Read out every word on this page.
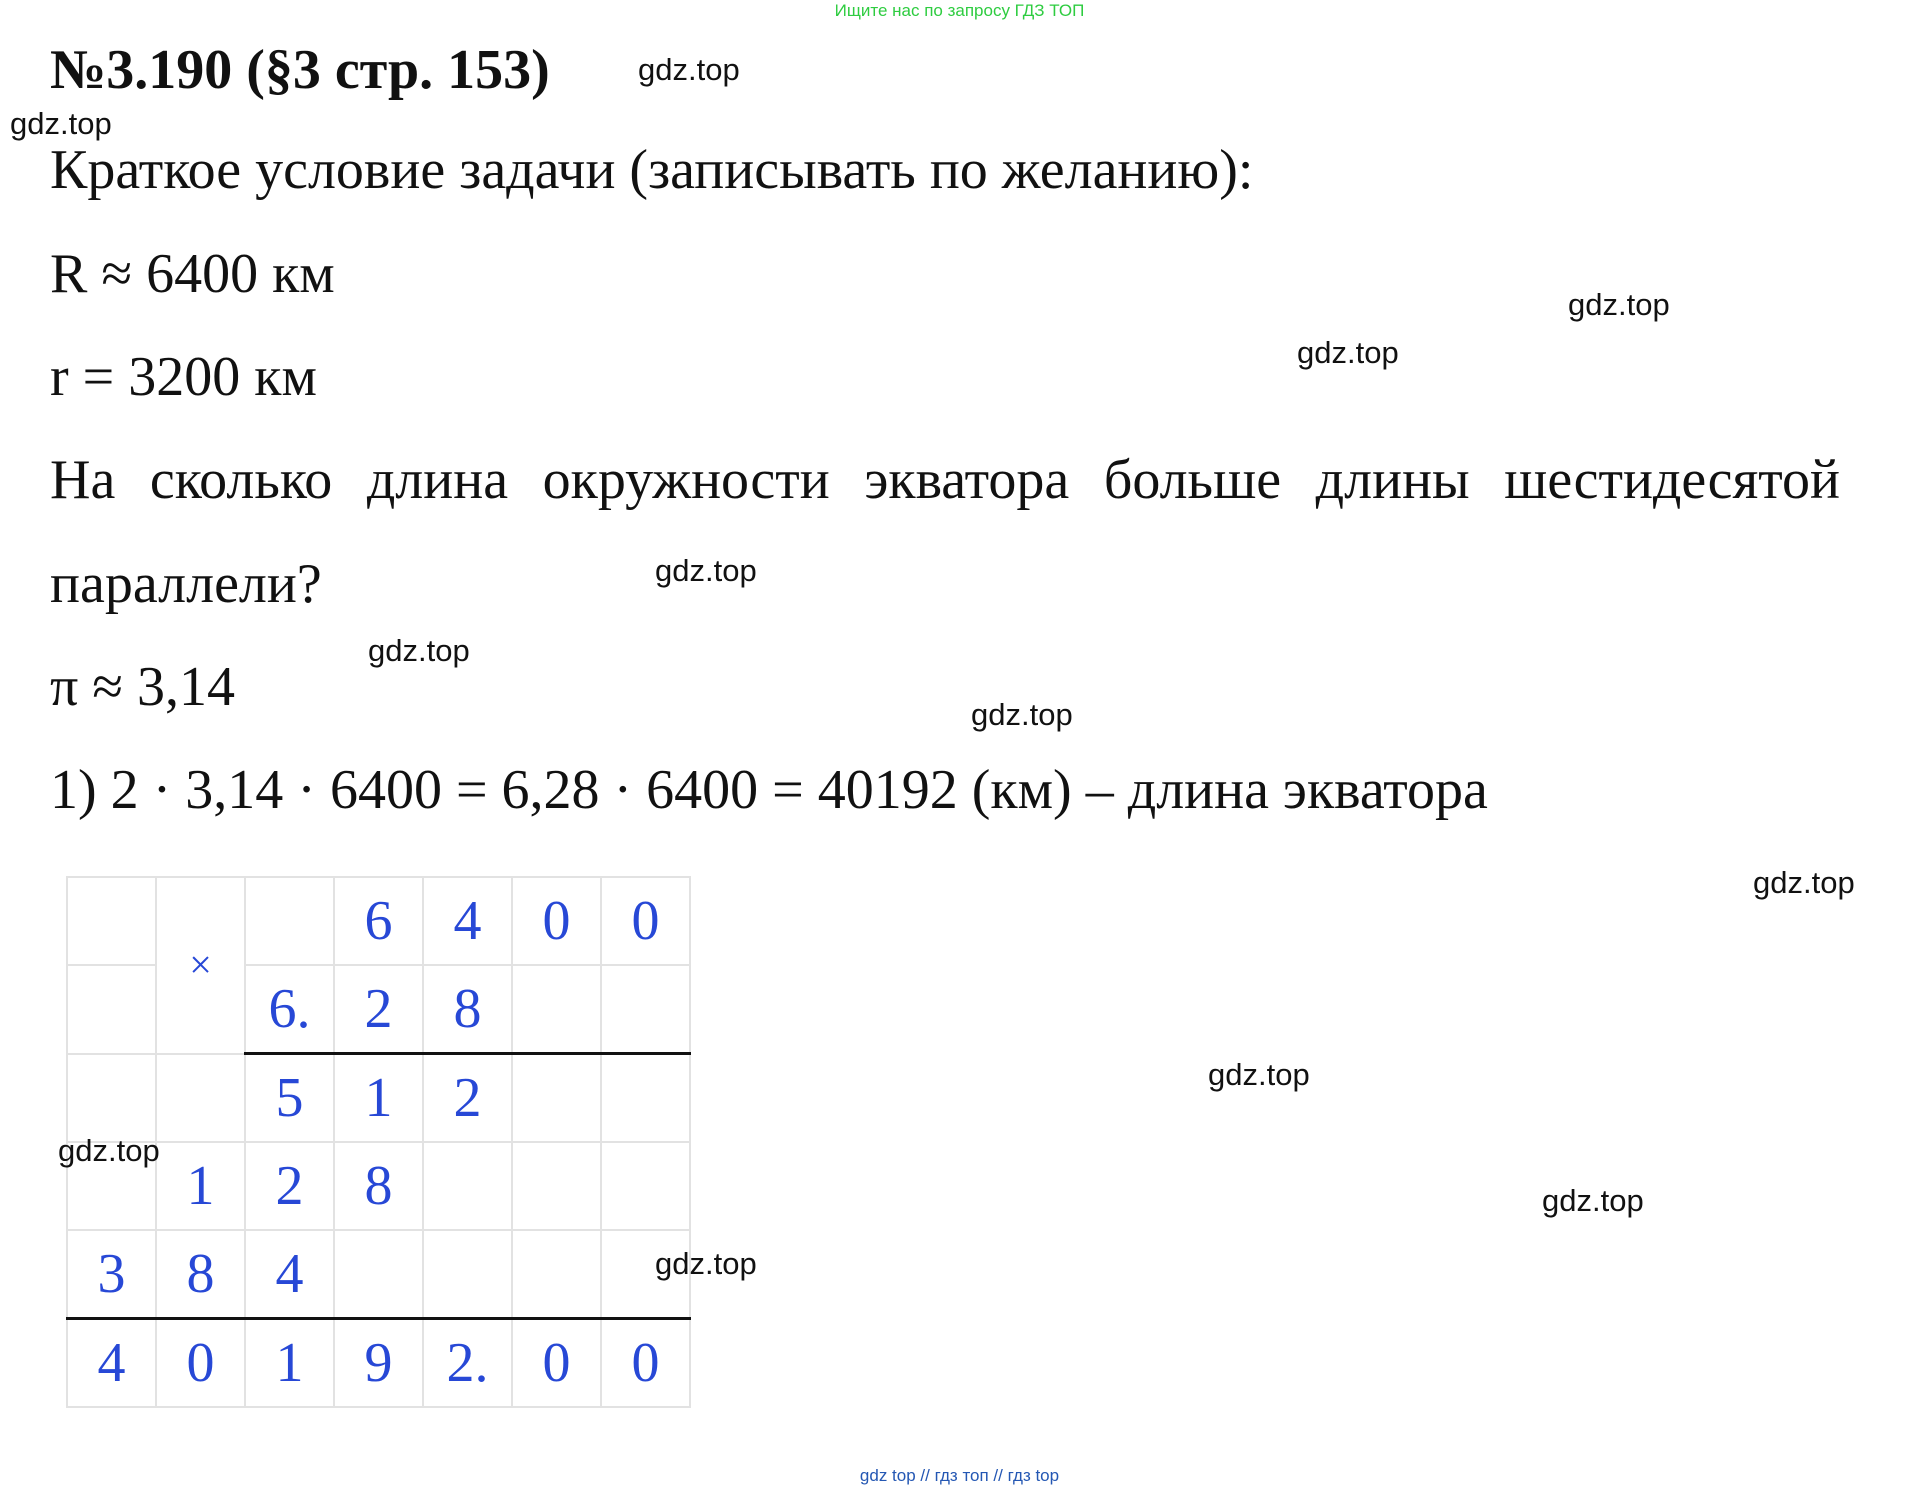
Ищите нас по запросу ГДЗ ТОП
№3.190 (§3 стр. 153)
Краткое условие задачи (записывать по желанию):
R ≈ 6400 км
r = 3200 км
На сколько длина окружности экватора больше длины шестидесятой
параллели?
π ≈ 3,14
1) 2 · 3,14 · 6400 = 6,28 · 6400 = 40192 (км) – длина экватора
	×		6	4	0	0
		6.	2	8		
		5	1	2		
	1	2	8			
3	8	4				
4	0	1	9	2.	0	0
gdz.top
gdz.top
gdz.top
gdz.top
gdz.top
gdz.top
gdz.top
gdz.top
gdz.top
gdz.top
gdz.top
gdz.top
gdz top // гдз топ // гдз top
